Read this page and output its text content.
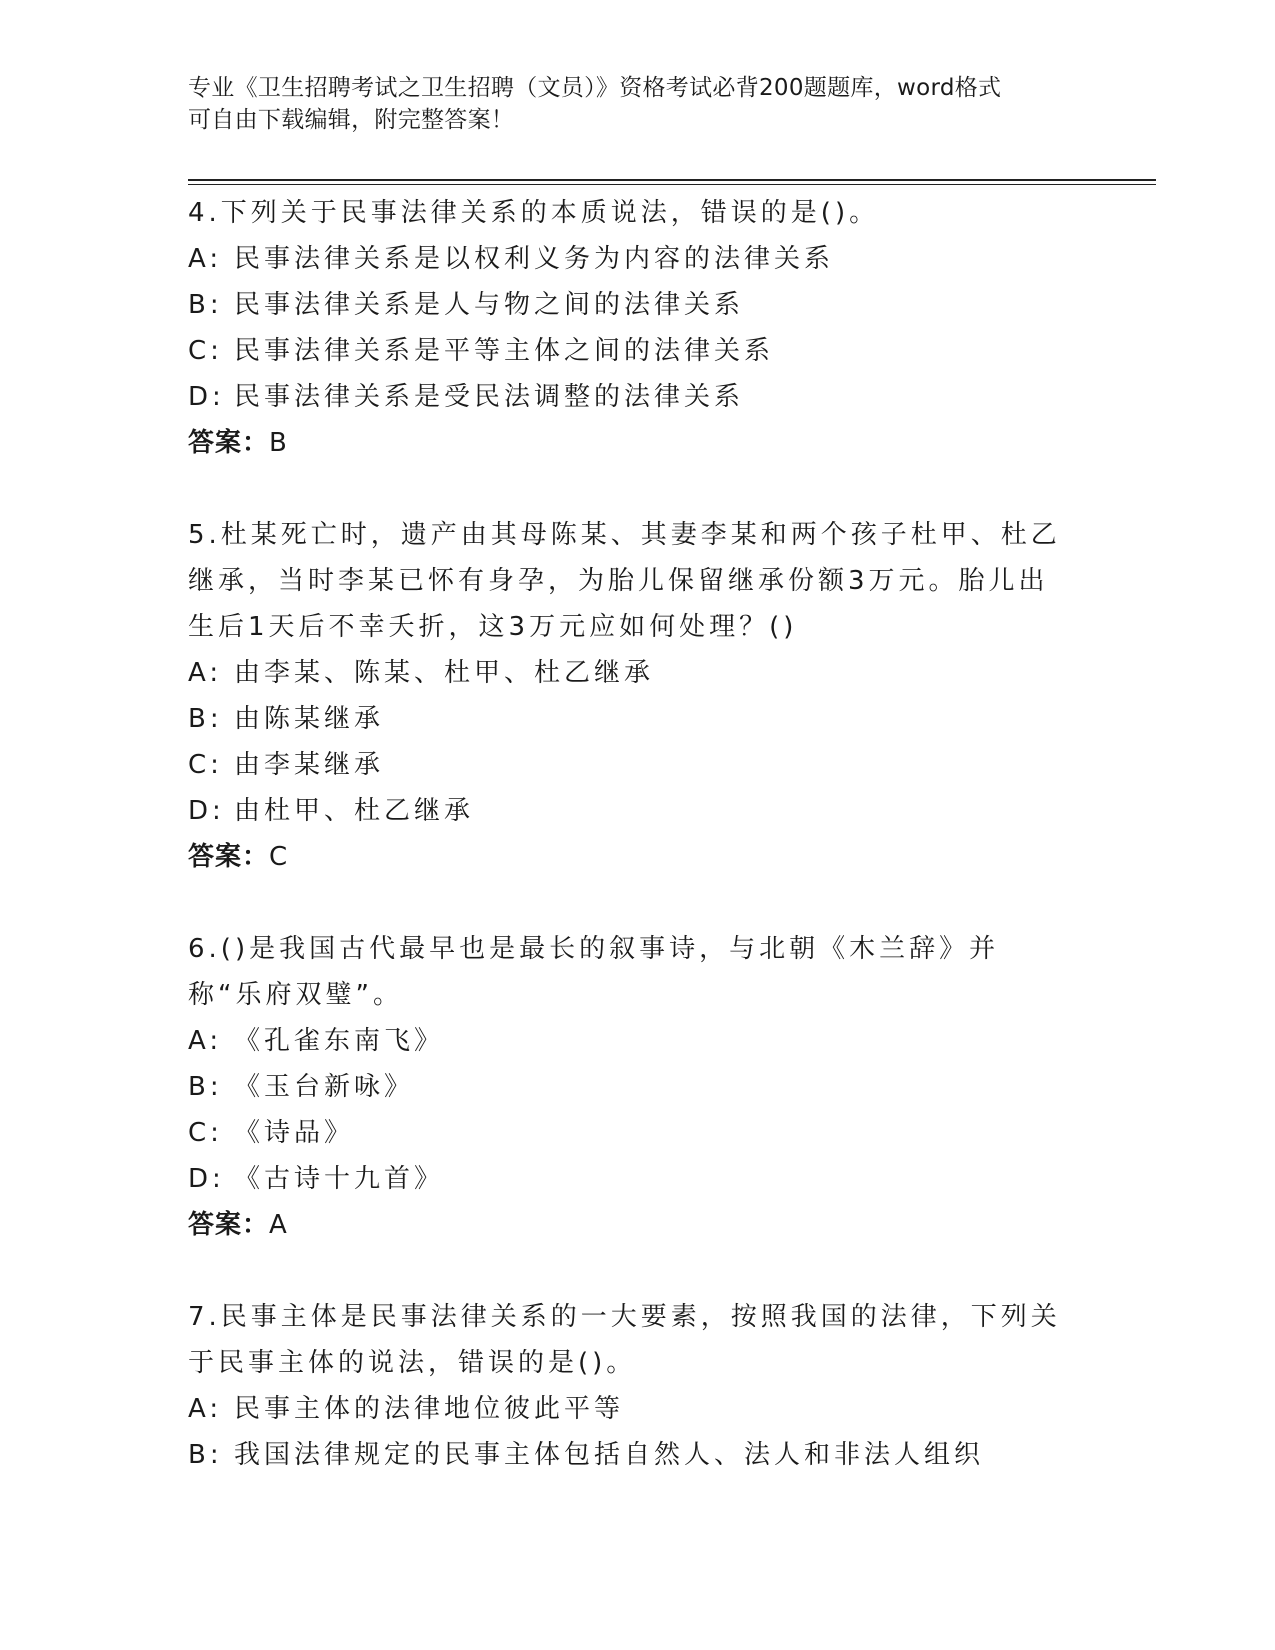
专业《卫生招聘考试之卫生招聘（文员）》资格考试必背200题题库，word格式
可自由下载编辑，附完整答案！

4.下列关于民事法律关系的本质说法，错误的是()。

A: 民事法律关系是以权利义务为内容的法律关系

B: 民事法律关系是人与物之间的法律关系

C: 民事法律关系是平等主体之间的法律关系

D: 民事法律关系是受民法调整的法律关系

答案：B

5.杜某死亡时，遗产由其母陈某、其妻李某和两个孩子杜甲、杜乙继承，当时李某已怀有身孕，为胎儿保留继承份额3万元。胎儿出生后1天后不幸夭折，这3万元应如何处理？()

A: 由李某、陈某、杜甲、杜乙继承

B: 由陈某继承

C: 由李某继承

D: 由杜甲、杜乙继承

答案：C

6.()是我国古代最早也是最长的叙事诗，与北朝《木兰辞》并称“乐府双璧”。

A: 《孔雀东南飞》

B: 《玉台新咏》

C: 《诗品》

D: 《古诗十九首》

答案：A

7.民事主体是民事法律关系的一大要素，按照我国的法律，下列关于民事主体的说法，错误的是()。

A: 民事主体的法律地位彼此平等

B: 我国法律规定的民事主体包括自然人、法人和非法人组织
